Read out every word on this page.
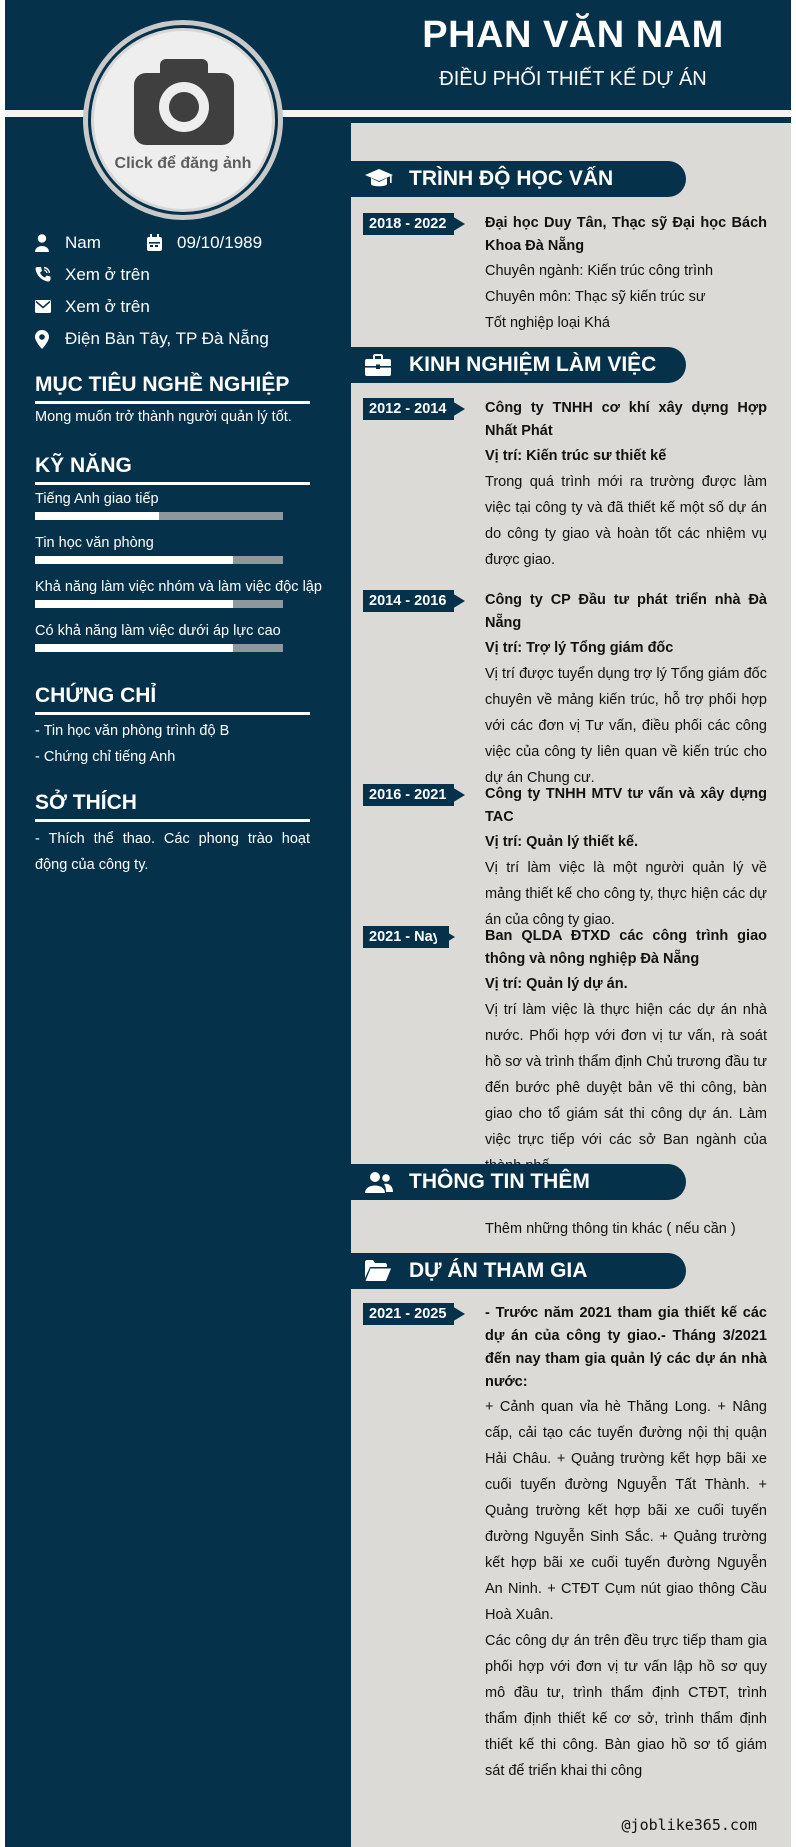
PHAN VĂN NAM
ĐIỀU PHỐI THIẾT KẾ DỰ ÁN
Click để đăng ảnh
Nam	09/10/1989
Xem ở trên
Xem ở trên
Điện Bàn Tây, TP Đà Nẵng
MỤC TIÊU NGHỀ NGHIỆP
Mong muốn trở thành người quản lý tốt.
KỸ NĂNG
Tiếng Anh giao tiếp
Tin học văn phòng
Khả năng làm việc nhóm và làm việc độc lập
Có khả năng làm việc dưới áp lực cao
CHỨNG CHỈ
- Tin học văn phòng trình độ B
- Chứng chỉ tiếng Anh
SỞ THÍCH
- Thích thể thao. Các phong trào hoạt động của công ty.
TRÌNH ĐỘ HỌC VẤN
2018 - 2022	Đại học Duy Tân, Thạc sỹ Đại học Bách Khoa Đà Nẵng
Chuyên ngành: Kiến trúc công trình
Chuyên môn: Thạc sỹ kiến trúc sư
Tốt nghiệp loại Khá
KINH NGHIỆM LÀM VIỆC
2012 - 2014	Công ty TNHH cơ khí xây dựng Hợp Nhất Phát
Vị trí: Kiến trúc sư thiết kế
Trong quá trình mới ra trường được làm việc tại công ty và đã thiết kế một số dự án do công ty giao và hoàn tốt các nhiệm vụ được giao.
2014 - 2016	Công ty CP Đầu tư phát triển nhà Đà Nẵng
Vị trí: Trợ lý Tổng giám đốc
Vị trí được tuyển dụng trợ lý Tổng giám đốc chuyên về mảng kiến trúc, hỗ trợ phối hợp với các đơn vị Tư vấn, điều phối các công việc của công ty liên quan về kiến trúc cho dự án Chung cư.
2016 - 2021	Công ty TNHH MTV tư vấn và xây dựng TAC
Vị trí: Quản lý thiết kế.
Vị trí làm việc là một người quản lý về mảng thiết kế cho công ty, thực hiện các dự án của công ty giao.
2021 - Nay	Ban QLDA ĐTXD các công trình giao thông và nông nghiệp Đà Nẵng
Vị trí: Quản lý dự án.
Vị trí làm việc là thực hiện các dự án nhà nước. Phối hợp với đơn vị tư vấn, rà soát hồ sơ và trình thẩm định Chủ trương đầu tư đến bước phê duyệt bản vẽ thi công, bàn giao cho tổ giám sát thi công dự án. Làm việc trực tiếp với các sở Ban ngành của
THÔNG TIN THÊM
Thêm những thông tin khác ( nếu cần )
DỰ ÁN THAM GIA
2021 - 2025	- Trước năm 2021 tham gia thiết kế các dự án của công ty giao.- Tháng 3/2021 đến nay tham gia quản lý các dự án nhà nước:
+ Cảnh quan vỉa hè Thăng Long. + Nâng cấp, cải tạo các tuyến đường nội thị quận Hải Châu. + Quảng trường kết hợp bãi xe cuối tuyến đường Nguyễn Tất Thành. + Quảng trường kết hợp bãi xe cuối tuyến đường Nguyễn Sinh Sắc. + Quảng trường kết hợp bãi xe cuối tuyến đường Nguyễn An Ninh. + CTĐT Cụm nút giao thông Cầu Hoà Xuân.
Các công dự án trên đều trực tiếp tham gia phối hợp với đơn vị tư vấn lập hồ sơ quy mô đầu tư, trình thẩm định CTĐT, trình thẩm định thiết kế cơ sở, trình thẩm định thiết kế thi công. Bàn giao hồ sơ tổ giám sát để triển khai thi công
@joblike365.com
